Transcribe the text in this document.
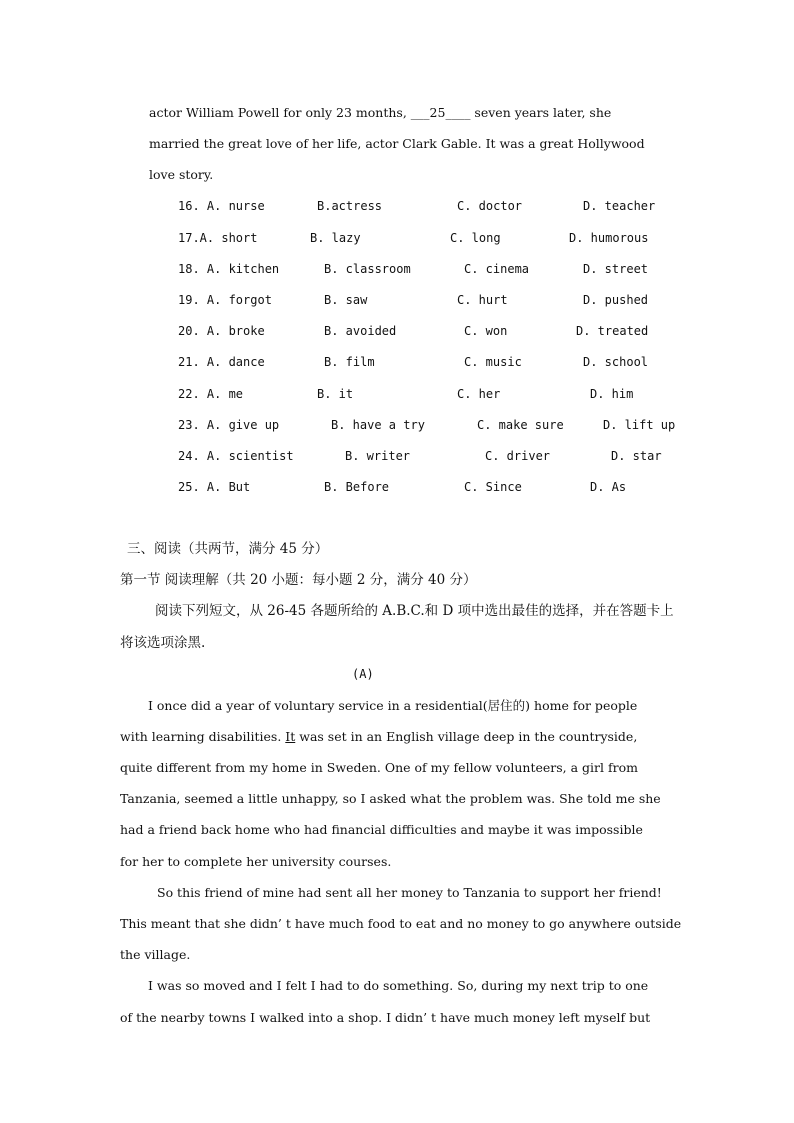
actor William Powell for only 23 months, ___25____ seven years later, she
married the great love of her life, actor Clark Gable. It was a great Hollywood
love story.
16. A. nurse	B.actress	C. doctor	D. teacher
17.A. short	B. lazy	C. long	D. humorous
18. A. kitchen	B. classroom	C. cinema	D. street
19. A. forgot	B. saw	C. hurt	D. pushed
20. A. broke	B. avoided	C. won	D. treated
21. A. dance	B. film	C. music	D. school
22. A. me	B. it	C. her	D. him
23. A. give up	B. have a try	C. make sure	D. lift up
24. A. scientist	B. writer	C. driver	D. star
25. A. But	B. Before	C. Since	D. As
三、阅读（共两节，满分 45 分）
第一节 阅读理解（共 20 小题：每小题 2 分，满分 40 分）
阅读下列短文，从 26-45 各题所给的 A.B.C.和 D 项中选出最佳的选择，并在答题卡上
将该选项涂黑.
(A)
I once did a year of voluntary service in a residential(居住的) home for people
with learning disabilities. It was set in an English village deep in the countryside,
quite different from my home in Sweden. One of my fellow volunteers, a girl from
Tanzania, seemed a little unhappy, so I asked what the problem was. She told me she
had a friend back home who had financial difficulties and maybe it was impossible
for her to complete her university courses.
So this friend of mine had sent all her money to Tanzania to support her friend!
This meant that she didn’ t have much food to eat and no money to go anywhere outside
the village.
I was so moved and I felt I had to do something. So, during my next trip to one
of the nearby towns I walked into a shop. I didn’ t have much money left myself but
